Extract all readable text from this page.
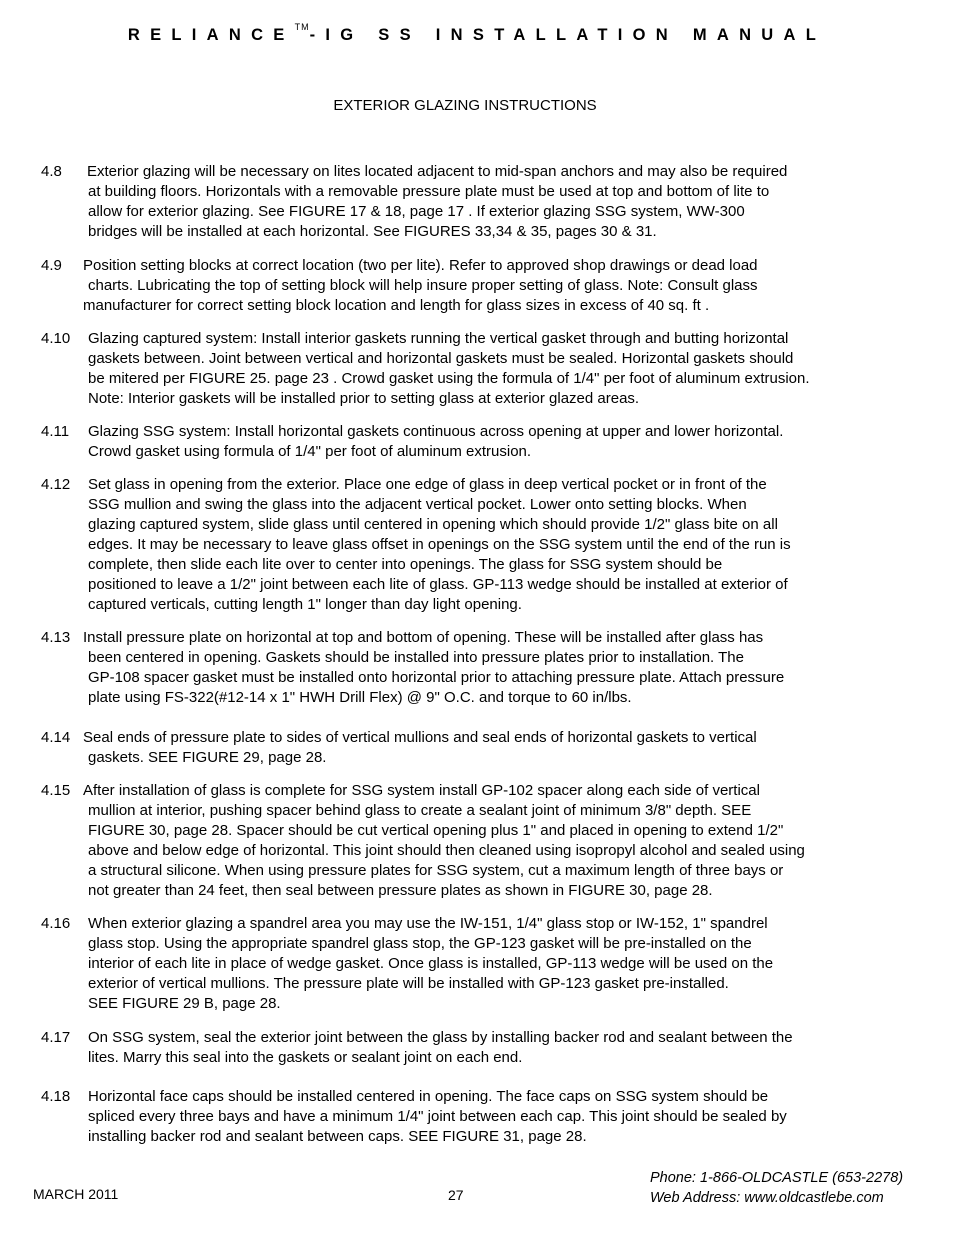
RELIANCE™-IG SS INSTALLATION MANUAL
EXTERIOR GLAZING INSTRUCTIONS
4.8	Exterior glazing will be necessary on lites located adjacent to mid-span anchors and may also be required
at building floors. Horizontals with a removable pressure plate must be used at top and bottom of lite to
allow for exterior glazing. See FIGURE 17 & 18, page 17 . If exterior glazing SSG system, WW-300
bridges will be installed at each horizontal. See FIGURES 33,34 & 35, pages 30 & 31.
4.9	Position setting blocks at correct location (two per lite). Refer to approved shop drawings or dead load
charts. Lubricating the top of setting block will help insure proper setting of glass. Note: Consult glass
manufacturer for correct setting block location and length for glass sizes in excess of 40 sq. ft .
4.10	Glazing captured system: Install interior gaskets running the vertical gasket through and butting horizontal
gaskets between. Joint between vertical and horizontal gaskets must be sealed. Horizontal gaskets should
be mitered per FIGURE 25. page 23 . Crowd gasket using the formula of 1/4" per foot of aluminum extrusion.
Note: Interior gaskets will be installed prior to setting glass at exterior glazed areas.
4.11	Glazing SSG system: Install horizontal gaskets continuous across opening at upper and lower horizontal.
Crowd gasket using formula of 1/4" per foot of aluminum extrusion.
4.12	Set glass in opening from the exterior. Place one edge of glass in deep vertical pocket or in front of the
SSG mullion and swing the glass into the adjacent vertical pocket. Lower onto setting blocks. When
glazing captured system, slide glass until centered in opening which should provide 1/2" glass bite on all
edges. It may be necessary to leave glass offset in openings on the SSG system until the end of the run is
complete, then slide each lite over to center into openings. The glass for SSG system should be
positioned to leave a 1/2" joint between each lite of glass. GP-113 wedge should be installed at exterior of
captured verticals, cutting length 1" longer than day light opening.
4.13 Install pressure plate on horizontal at top and bottom of opening. These will be installed after glass has
been centered in opening. Gaskets should be installed into pressure plates prior to installation. The
GP-108 spacer gasket must be installed onto horizontal prior to attaching pressure plate. Attach pressure
plate using FS-322(#12-14 x 1" HWH Drill Flex) @ 9" O.C. and torque to 60 in/lbs.
4.14 Seal ends of pressure plate to sides of vertical mullions and seal ends of horizontal gaskets to vertical
gaskets. SEE FIGURE 29, page 28.
4.15 After installation of glass is complete for SSG system install GP-102 spacer along each side of vertical
mullion at interior, pushing spacer behind glass to create a sealant joint of minimum 3/8" depth. SEE
FIGURE 30, page 28. Spacer should be cut vertical opening plus 1" and placed in opening to extend 1/2"
above and below edge of horizontal. This joint should then cleaned using isopropyl alcohol and sealed using
a structural silicone. When using pressure plates for SSG system, cut a maximum length of three bays or
not greater than 24 feet, then seal between pressure plates as shown in FIGURE 30, page 28.
4.16	When exterior glazing a spandrel area you may use the IW-151, 1/4" glass stop or IW-152, 1" spandrel
glass stop. Using the appropriate spandrel glass stop, the GP-123 gasket will be pre-installed on the
interior of each lite in place of wedge gasket. Once glass is installed, GP-113 wedge will be used on the
exterior of vertical mullions. The pressure plate will be installed with GP-123 gasket pre-installed.
SEE FIGURE 29 B, page 28.
4.17	On SSG system, seal the exterior joint between the glass by installing backer rod and sealant between the
lites. Marry this seal into the gaskets or sealant joint on each end.
4.18	Horizontal face caps should be installed centered in opening. The face caps on SSG system should be
spliced every three bays and have a minimum 1/4" joint between each cap. This joint should be sealed by
installing backer rod and sealant between caps. SEE FIGURE 31, page 28.
MARCH 2011	27
Phone: 1-866-OLDCASTLE (653-2278)
Web Address: www.oldcastlebe.com
